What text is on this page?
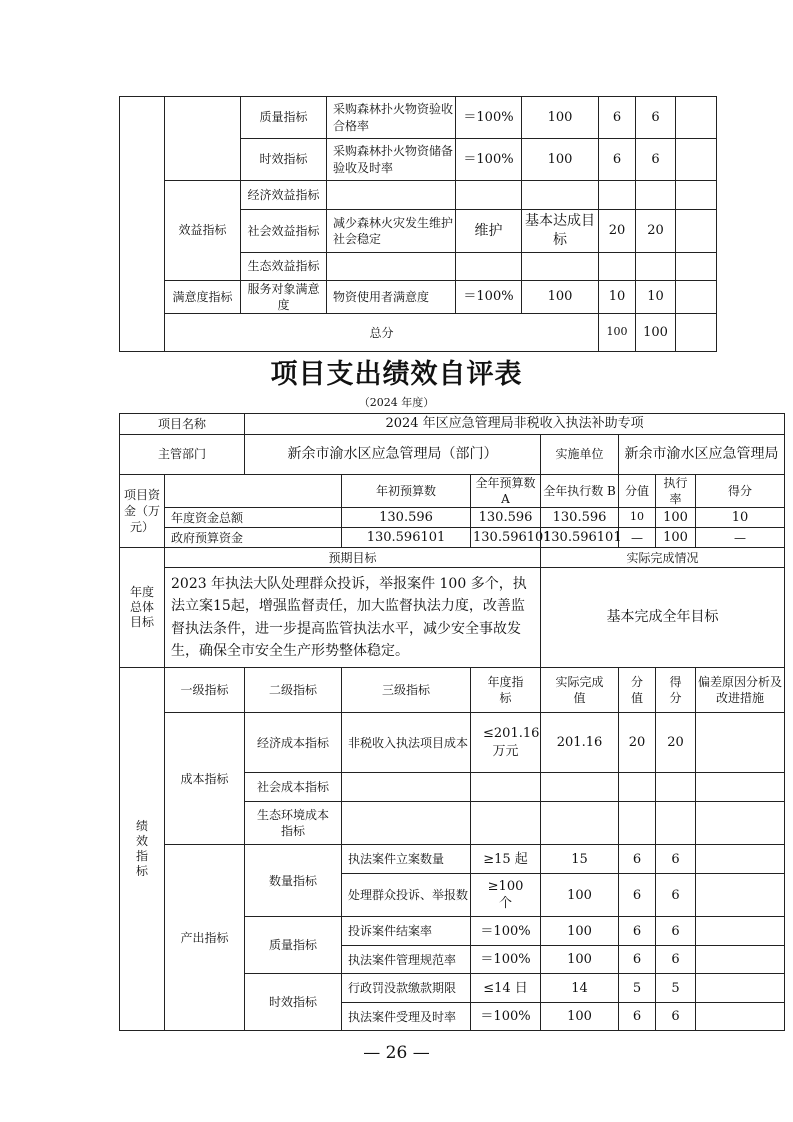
		质量指标	采购森林扑火物资验收合格率	＝100%	100	6	6	
		时效指标	采购森林扑火物资储备验收及时率	＝100%	100	6	6	
	效益指标	经济效益指标						
		社会效益指标	减少森林火灾发生维护社会稳定	维护	基本达成目标	20	20	
		生态效益指标						
	满意度指标	服务对象满意度	物资使用者满意度	＝100%	100	10	10	
	总分					100	100	
项目支出绩效自评表
（2024 年度）
项目名称		2024 年区应急管理局非税收入执法补助专项						
主管部门		新余市渝水区应急管理局（部门）			实施单位	新余市渝水区应急管理局		
项目资金（万元）			年初预算数	全年预算数 A	全年执行数 B	分值	执行率	得分
	年度资金总额		130.596	130.596	130.596	10	100	10
	政府预算资金		130.596101	130.596101	130.596101	—	100	—
年度总体目标	预期目标				实际完成情况			
	2023 年执法大队处理群众投诉，举报案件 100 多个，执法立案15起，增强监督责任，加大监督执法力度，改善监督执法条件，进一步提高监管执法水平，减少安全事故发生，确保全市安全生产形势整体稳定。				基本完成全年目标			
绩效指标	一级指标	二级指标	三级指标	年度指标	实际完成值	分值	得分	偏差原因分析及改进措施
	成本指标	经济成本指标	非税收入执法项目成本	≤201.16万元	201.16	20	20	
		社会成本指标						
		生态环境成本指标						
	产出指标	数量指标	执法案件立案数量	≥15 起	15	6	6	
			处理群众投诉、举报数	≥100个	100	6	6	
		质量指标	投诉案件结案率	＝100%	100	6	6	
			执法案件管理规范率	＝100%	100	6	6	
		时效指标	行政罚没款缴款期限	≤14 日	14	5	5	
			执法案件受理及时率	＝100%	100	6	6	
— 26 —
